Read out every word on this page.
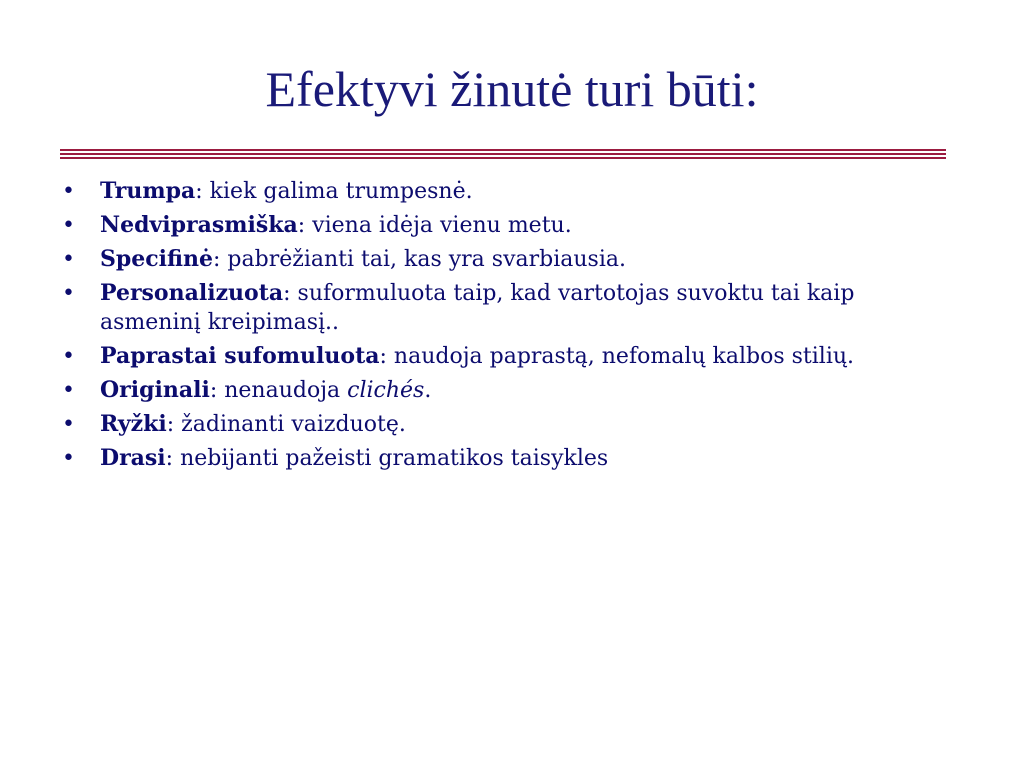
Efektyvi žinutė turi būti:
• Trumpa: kiek galima trumpesnė.
• Nedviprasmiška: viena idėja vienu metu.
• Specifinė: pabrėžianti tai, kas yra svarbiausia.
• Personalizuota: suformuluota taip, kad vartotojas suvoktu tai kaip asmeninį kreipimasį..
• Paprastai sufomuluota: naudoja paprastą, nefomalų kalbos stilių.
• Originali: nenaudoja clichés.
• Ryžki: žadinanti vaizduotę.
• Drasi: nebijanti pažeisti gramatikos taisykles
